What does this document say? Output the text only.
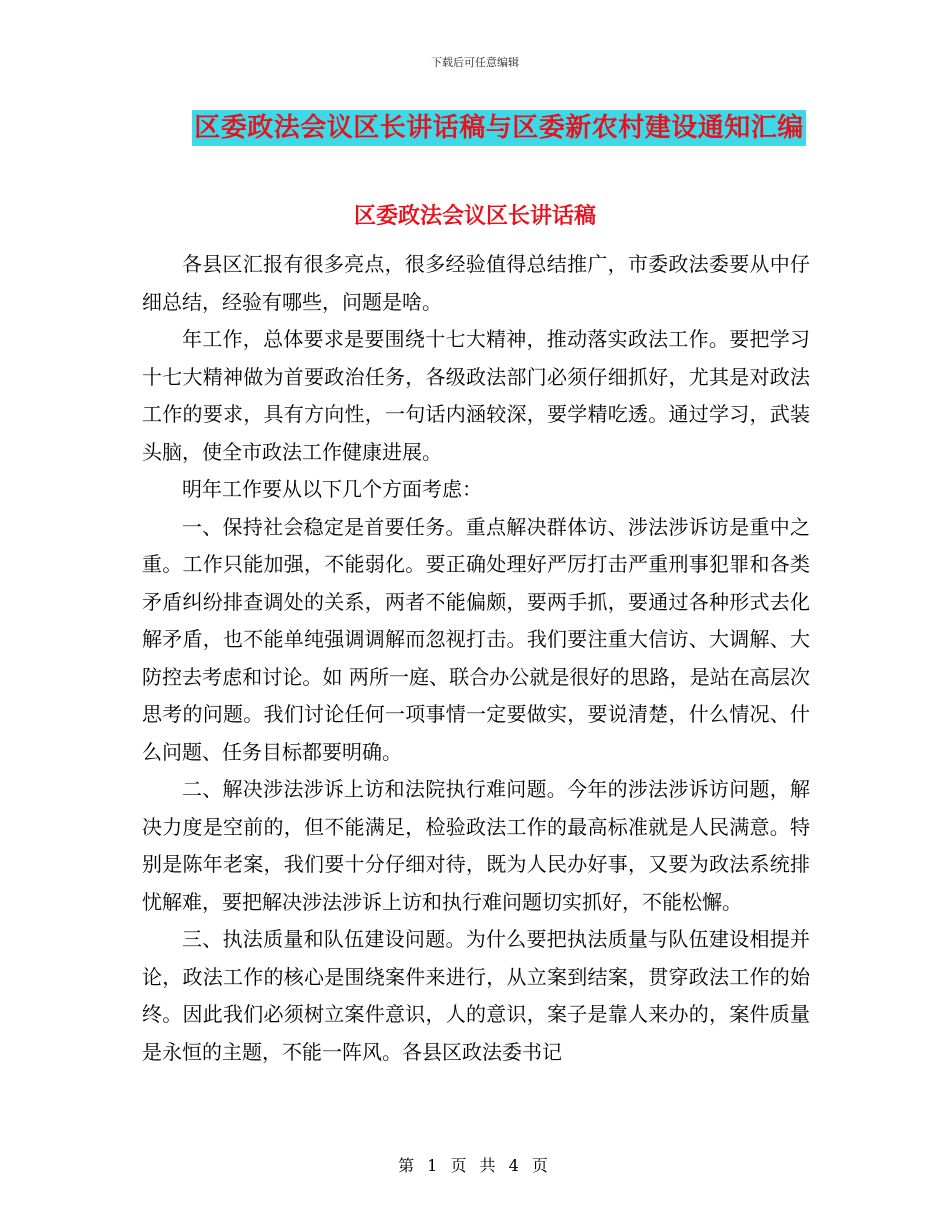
下载后可任意编辑
区委政法会议区长讲话稿与区委新农村建设通知汇编
区委政法会议区长讲话稿

各县区汇报有很多亮点，很多经验值得总结推广，市委政法委要从中仔细总结，经验有哪些，问题是啥。

年工作，总体要求是要围绕十七大精神，推动落实政法工作。要把学习十七大精神做为首要政治任务，各级政法部门必须仔细抓好，尤其是对政法工作的要求，具有方向性，一句话内涵较深，要学精吃透。通过学习，武装头脑，使全市政法工作健康进展。

明年工作要从以下几个方面考虑：

一、保持社会稳定是首要任务。重点解决群体访、涉法涉诉访是重中之重。工作只能加强，不能弱化。要正确处理好严厉打击严重刑事犯罪和各类矛盾纠纷排查调处的关系，两者不能偏颇，要两手抓，要通过各种形式去化解矛盾，也不能单纯强调调解而忽视打击。我们要注重大信访、大调解、大防控去考虑和讨论。如 两所一庭、联合办公就是很好的思路，是站在高层次思考的问题。我们讨论任何一项事情一定要做实，要说清楚，什么情况、什么问题、任务目标都要明确。

二、解决涉法涉诉上访和法院执行难问题。今年的涉法涉诉访问题，解决力度是空前的，但不能满足，检验政法工作的最高标准就是人民满意。特别是陈年老案，我们要十分仔细对待，既为人民办好事，又要为政法系统排忧解难，要把解决涉法涉诉上访和执行难问题切实抓好，不能松懈。

三、执法质量和队伍建设问题。为什么要把执法质量与队伍建设相提并论，政法工作的核心是围绕案件来进行，从立案到结案，贯穿政法工作的始终。因此我们必须树立案件意识，人的意识，案子是靠人来办的，案件质量是永恒的主题，不能一阵风。各县区政法委书记

第 1 页 共 4 页
